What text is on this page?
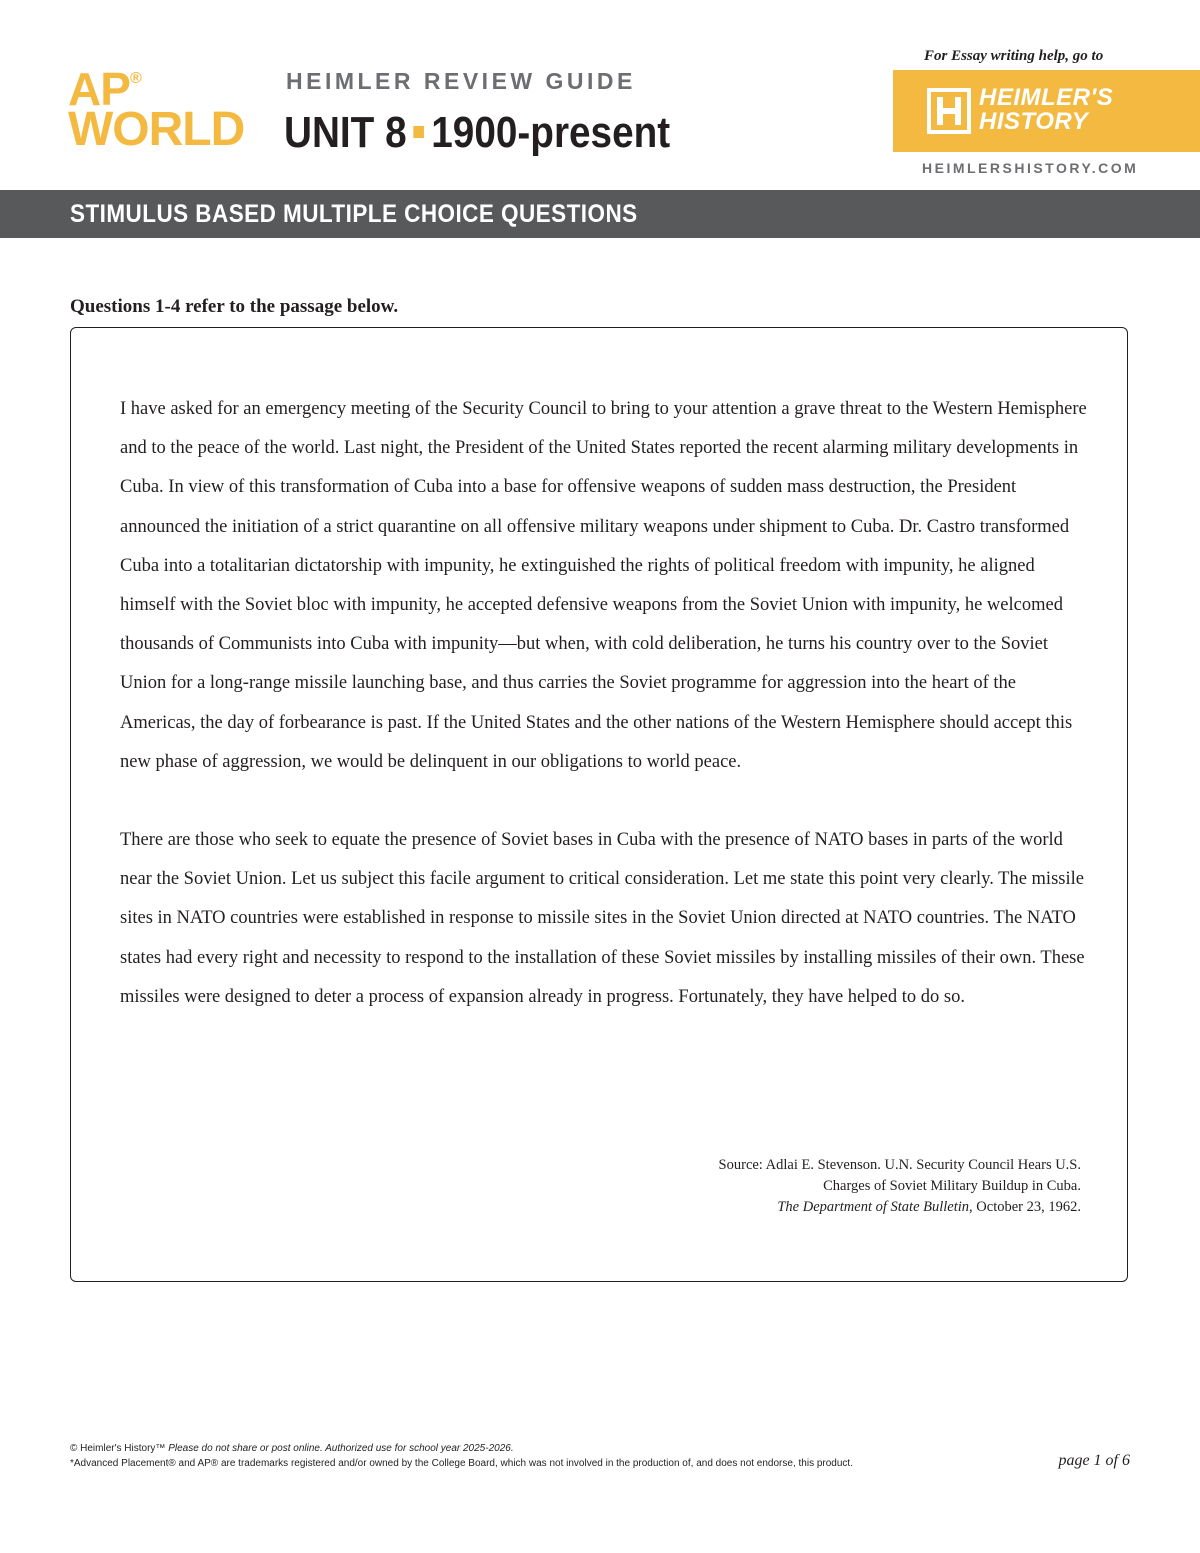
AP ®
WORLD
HEIMLER REVIEW GUIDE
UNIT 8 1900-present
For Essay writing help, go to
HEIMLER'S
HISTORY
HEIMLERSHISTORY.COM
STIMULUS BASED MULTIPLE CHOICE QUESTIONS
Questions 1-4 refer to the passage below.

I have asked for an emergency meeting of the Security Council to bring to your attention a grave threat to the Western Hemisphere and to the peace of the world. Last night, the President of the United States reported the recent alarming military developments in Cuba. In view of this transformation of Cuba into a base for offensive weapons of sudden mass destruction, the President announced the initiation of a strict quarantine on all offensive military weapons under shipment to Cuba. Dr. Castro transformed Cuba into a totalitarian dictatorship with impunity, he extinguished the rights of political freedom with impunity, he aligned himself with the Soviet bloc with impunity, he accepted defensive weapons from the Soviet Union with impunity, he welcomed thousands of Communists into Cuba with impunity—but when, with cold deliberation, he turns his country over to the Soviet Union for a long-range missile launching base, and thus carries the Soviet programme for aggression into the heart of the Americas, the day of forbearance is past. If the United States and the other nations of the Western Hemisphere should accept this new phase of aggression, we would be delinquent in our obligations to world peace.

There are those who seek to equate the presence of Soviet bases in Cuba with the presence of NATO bases in parts of the world near the Soviet Union. Let us subject this facile argument to critical consideration. Let me state this point very clearly. The missile sites in NATO countries were established in response to missile sites in the Soviet Union directed at NATO countries. The NATO states had every right and necessity to respond to the installation of these Soviet missiles by installing missiles of their own. These missiles were designed to deter a process of expansion already in progress. Fortunately, they have helped to do so.

Source: Adlai E. Stevenson. U.N. Security Council Hears U.S.
Charges of Soviet Military Buildup in Cuba.
The Department of State Bulletin, October 23, 1962.
© Heimler's History™ Please do not share or post online. Authorized use for school year 2025-2026.
*Advanced Placement® and AP® are trademarks registered and/or owned by the College Board, which was not involved in the production of, and does not endorse, this product.	page 1 of 6
